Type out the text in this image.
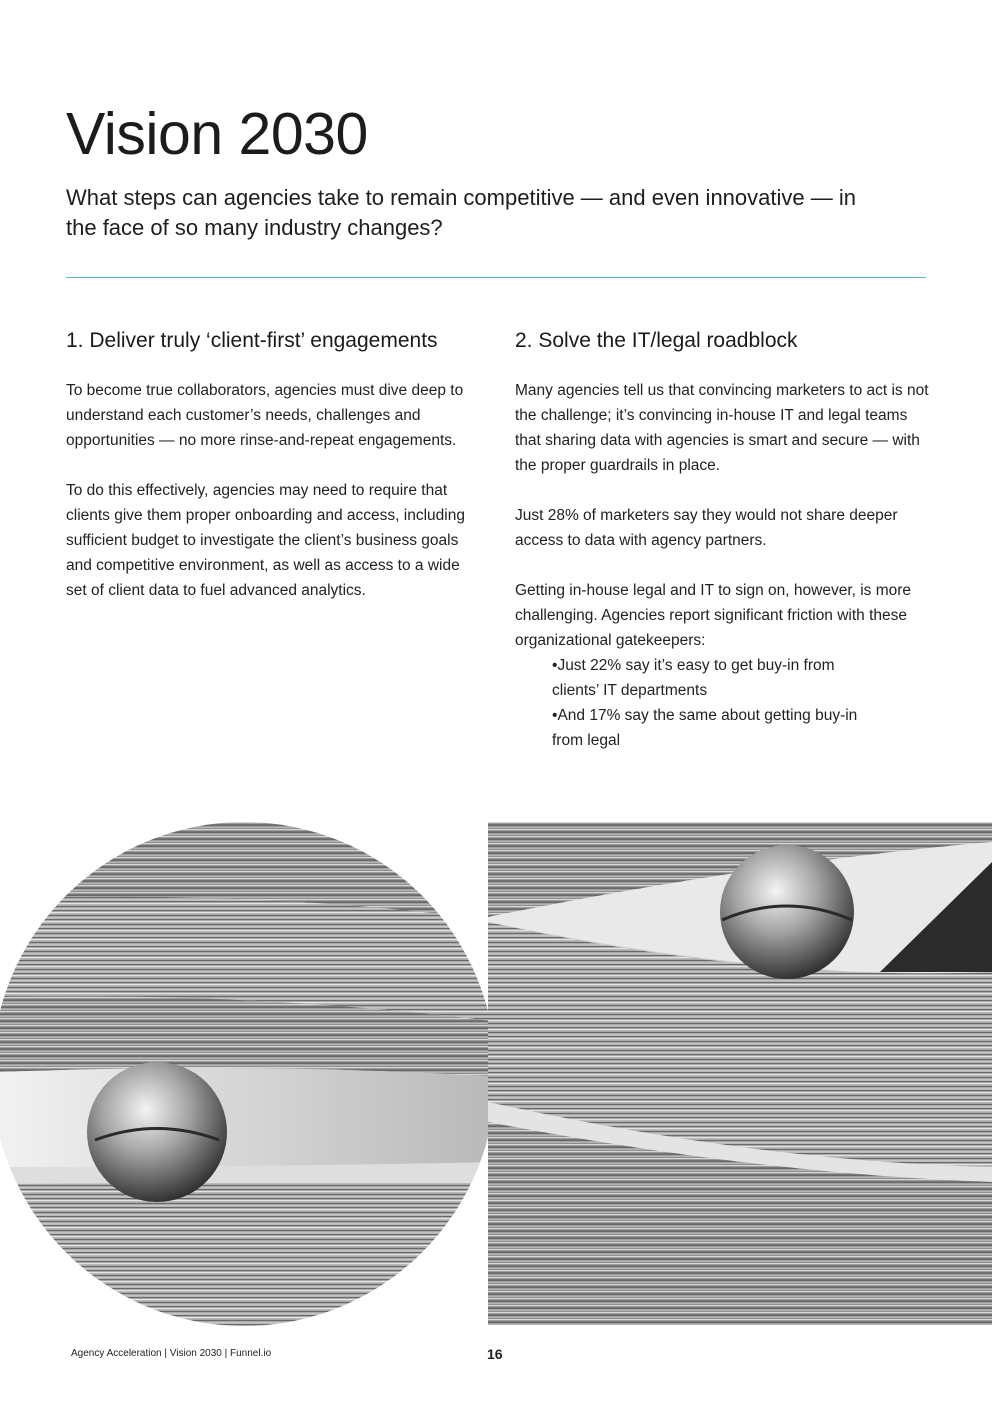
Vision 2030

What steps can agencies take to remain competitive — and even innovative — in the face of so many industry changes?

1. Deliver truly ‘client-first’ engagements

To become true collaborators, agencies must dive deep to understand each customer’s needs, challenges and opportunities — no more rinse-and-repeat engagements.

To do this effectively, agencies may need to require that clients give them proper onboarding and access, including sufficient budget to investigate the client’s business goals and competitive environment, as well as access to a wide set of client data to fuel advanced analytics.

2. Solve the IT/legal roadblock

Many agencies tell us that convincing marketers to act is not the challenge; it’s convincing in-house IT and legal teams that sharing data with agencies is smart and secure — with the proper guardrails in place.

Just 28% of marketers say they would not share deeper access to data with agency partners.

Getting in-house legal and IT to sign on, however, is more challenging. Agencies report significant friction with these organizational gatekeepers:

• Just 22% say it’s easy to get buy-in from clients’ IT departments
• And 17% say the same about getting buy-in from legal
Agency Acceleration | Vision 2030 | Funnel.io	16
